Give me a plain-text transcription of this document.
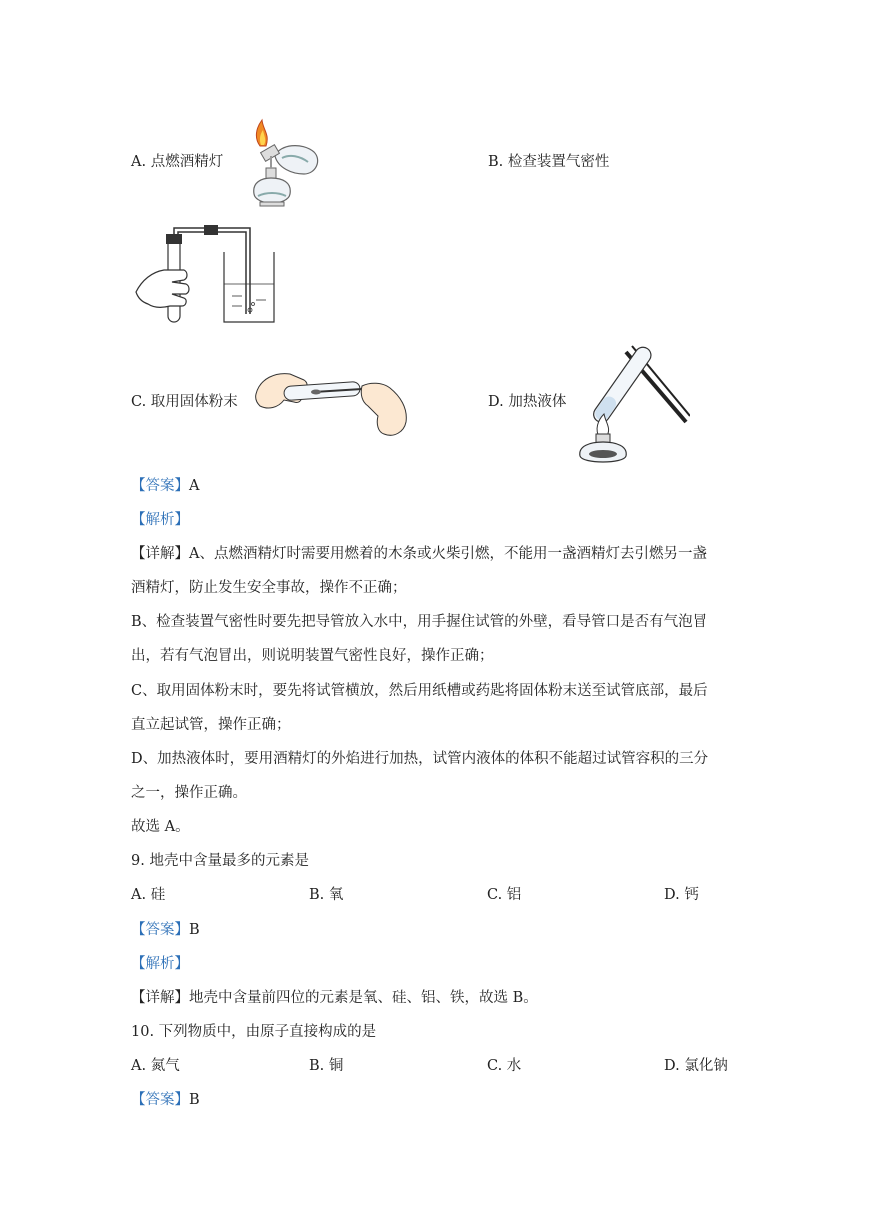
A. 点燃酒精灯	B. 检查装置气密性
C. 取用固体粉末	D. 加热液体
【答案】A
【解析】
【详解】A、点燃酒精灯时需要用燃着的木条或火柴引燃，不能用一盏酒精灯去引燃另一盏
酒精灯，防止发生安全事故，操作不正确；
B、检查装置气密性时要先把导管放入水中，用手握住试管的外壁，看导管口是否有气泡冒
出，若有气泡冒出，则说明装置气密性良好，操作正确；
C、取用固体粉末时，要先将试管横放，然后用纸槽或药匙将固体粉末送至试管底部，最后
直立起试管，操作正确；
D、加热液体时，要用酒精灯的外焰进行加热，试管内液体的体积不能超过试管容积的三分
之一，操作正确。
故选 A。
9. 地壳中含量最多的元素是
A. 硅	B. 氧	C. 铝	D. 钙
【答案】B
【解析】
【详解】地壳中含量前四位的元素是氧、硅、铝、铁，故选 B。
10. 下列物质中，由原子直接构成的是
A. 氮气	B. 铜	C. 水	D. 氯化钠
【答案】B
